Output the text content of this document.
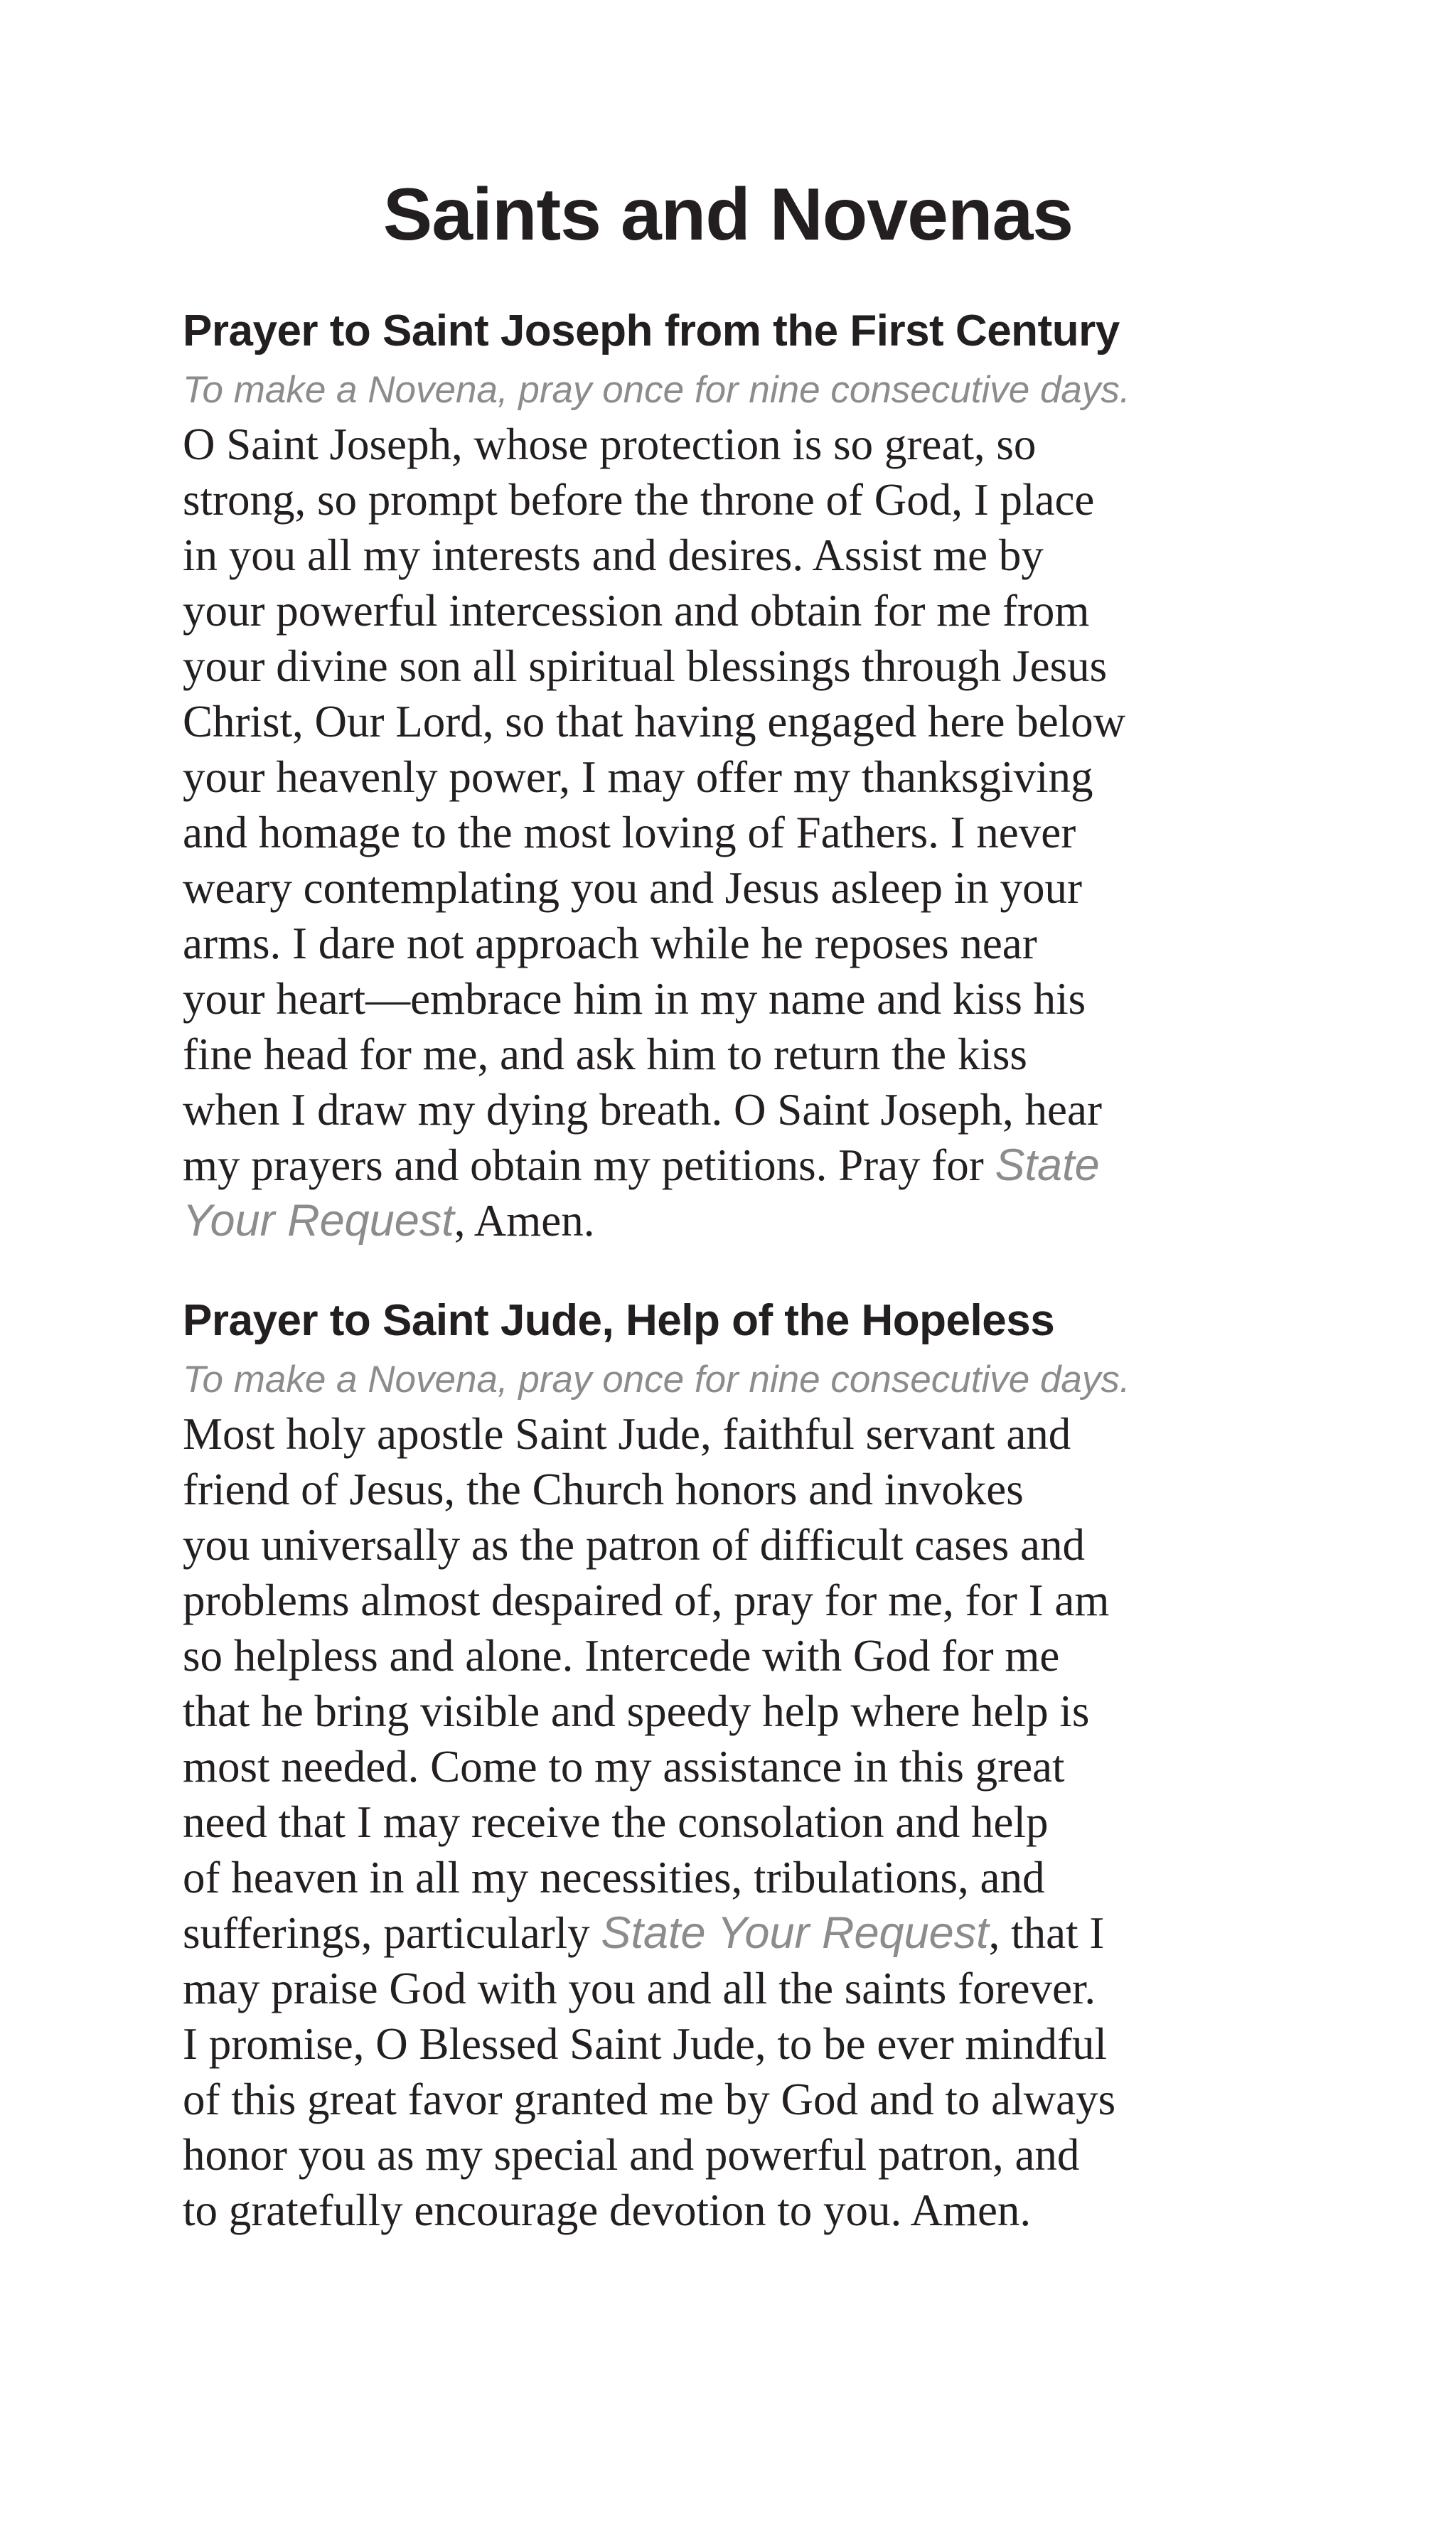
Saints and Novenas
Prayer to Saint Joseph from the First Century

To make a Novena, pray once for nine consecutive days.

O Saint Joseph, whose protection is so great, so
strong, so prompt before the throne of God, I place
in you all my interests and desires. Assist me by
your powerful intercession and obtain for me from
your divine son all spiritual blessings through Jesus
Christ, Our Lord, so that having engaged here below
your heavenly power, I may offer my thanksgiving
and homage to the most loving of Fathers. I never
weary contemplating you and Jesus asleep in your
arms. I dare not approach while he reposes near
your heart—embrace him in my name and kiss his
fine head for me, and ask him to return the kiss
when I draw my dying breath. O Saint Joseph, hear
my prayers and obtain my petitions. Pray for State
Your Request, Amen.
Prayer to Saint Jude, Help of the Hopeless

To make a Novena, pray once for nine consecutive days.

Most holy apostle Saint Jude, faithful servant and
friend of Jesus, the Church honors and invokes
you universally as the patron of difficult cases and
problems almost despaired of, pray for me, for I am
so helpless and alone. Intercede with God for me
that he bring visible and speedy help where help is
most needed. Come to my assistance in this great
need that I may receive the consolation and help
of heaven in all my necessities, tribulations, and
sufferings, particularly State Your Request, that I
may praise God with you and all the saints forever.
I promise, O Blessed Saint Jude, to be ever mindful
of this great favor granted me by God and to always
honor you as my special and powerful patron, and
to gratefully encourage devotion to you. Amen.
